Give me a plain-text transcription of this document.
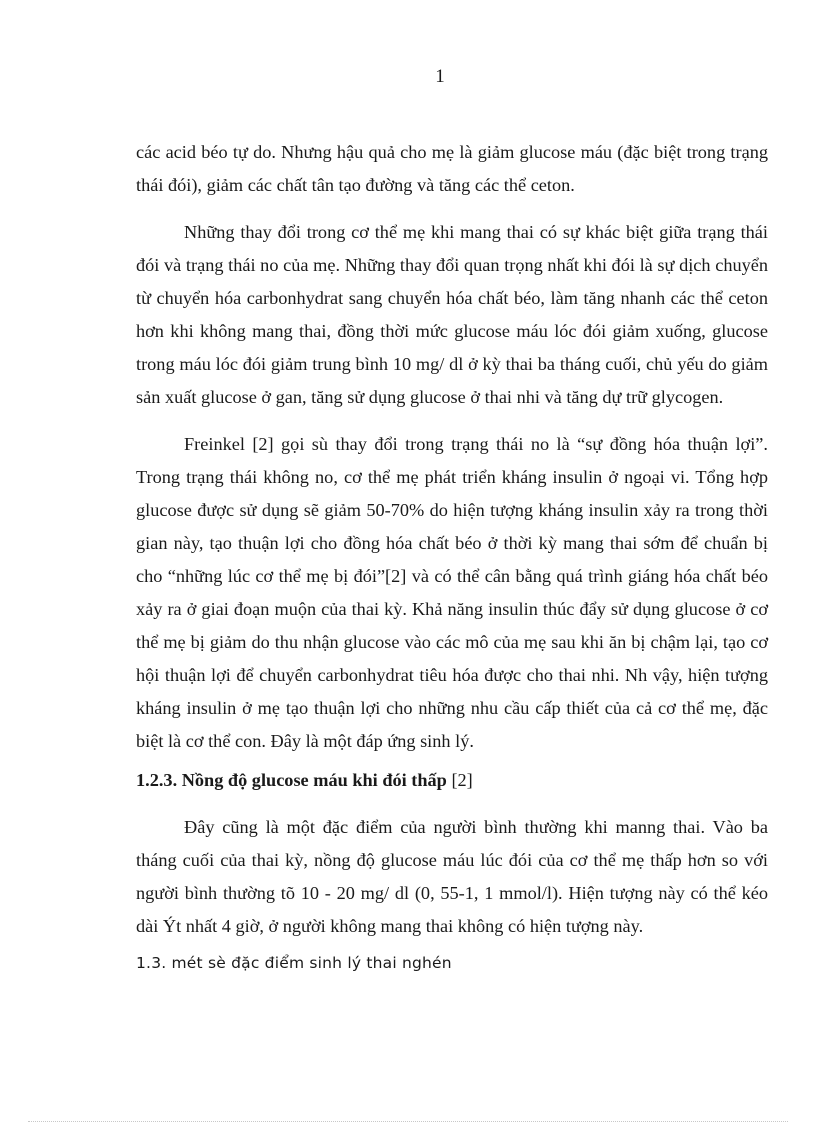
1

các acid béo tự do. Nhưng hậu quả cho mẹ là giảm glucose máu (đặc biệt trong trạng thái đói), giảm các chất tân tạo đường và tăng các thể ceton.

Những thay đổi trong cơ thể mẹ khi mang thai có sự khác biệt giữa trạng thái đói và trạng thái no của mẹ. Những thay đổi quan trọng nhất khi đói là sự dịch chuyển từ chuyển hóa carbonhydrat sang chuyển hóa chất béo, làm tăng nhanh các thể ceton hơn khi không mang thai, đồng thời mức glucose máu lóc đói giảm xuống, glucose trong máu lóc đói giảm trung bình 10 mg/ dl ở kỳ thai ba tháng cuối, chủ yếu do giảm sản xuất glucose ở gan, tăng sử dụng glucose ở thai nhi và tăng dự trữ glycogen.

Freinkel [2] gọi sù thay đổi trong trạng thái no là “sự đồng hóa thuận lợi”. Trong trạng thái không no, cơ thể mẹ phát triển kháng insulin ở ngoại vi. Tổng hợp glucose được sử dụng sẽ giảm 50-70% do hiện tượng kháng insulin xảy ra trong thời gian này, tạo thuận lợi cho đồng hóa chất béo ở thời kỳ mang thai sớm để chuẩn bị cho “những lúc cơ thể mẹ bị đói”[2] và có thể cân bằng quá trình giáng hóa chất béo xảy ra ở giai đoạn muộn của thai kỳ. Khả năng insulin thúc đẩy sử dụng glucose ở cơ thể mẹ bị giảm do thu nhận glucose vào các mô của mẹ sau khi ăn bị chậm lại, tạo cơ hội thuận lợi để chuyển carbonhydrat tiêu hóa được cho thai nhi. Nh vậy, hiện tượng kháng insulin ở mẹ tạo thuận lợi cho những nhu cầu cấp thiết của cả cơ thể mẹ, đặc biệt là cơ thể con. Đây là một đáp ứng sinh lý.

1.2.3. Nồng độ glucose máu khi đói thấp [2]

Đây cũng là một đặc điểm của người bình thường khi manng thai. Vào ba tháng cuối của thai kỳ, nồng độ glucose máu lúc đói của cơ thể mẹ thấp hơn so với người bình thường tõ 10 - 20 mg/ dl (0, 55-1, 1 mmol/l). Hiện tượng này có thể kéo dài Ýt nhất 4 giờ, ở người không mang thai không có hiện tượng này.

1.3. mét sè đặc điểm sinh lý thai nghén
